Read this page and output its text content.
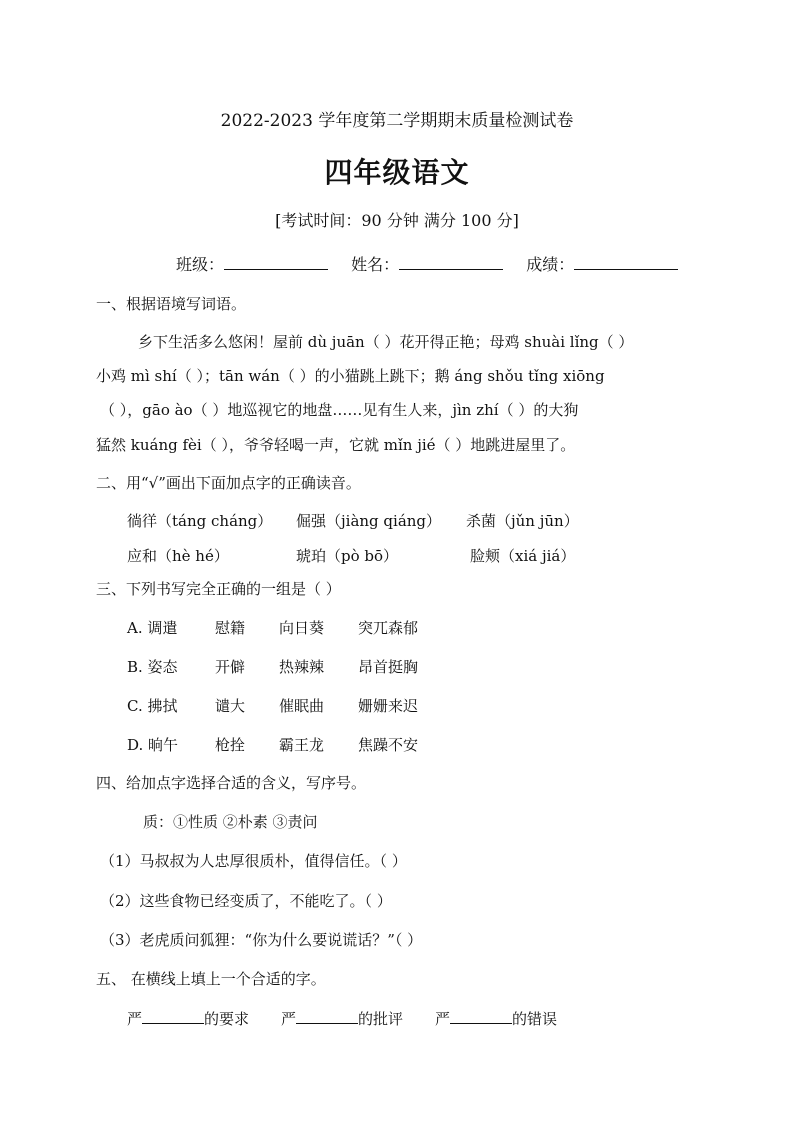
2022-2023 学年度第二学期期末质量检测试卷
四年级语文
[考试时间：90 分钟 满分 100 分]
班级：	姓名：	成绩：
一、根据语境写词语。
乡下生活多么悠闲！屋前 dù juān（ ）花开得正艳；母鸡 shuài lǐng（ ）
小鸡 mì shí（ ）；tān wán（ ）的小猫跳上跳下；鹅 áng shǒu tǐng xiōng
（ ），gāo ào（ ）地巡视它的地盘……见有生人来，jìn zhí（ ）的大狗
猛然 kuáng fèi（ ），爷爷轻喝一声，它就 mǐn jié（ ）地跳进屋里了。
二、用“√”画出下面加点字的正确读音。
徜徉（táng cháng） 倔强（jiàng qiáng） 杀菌（jǔn jūn）
应和（hè hé）	琥珀（pò bō）	脸颊（xiá jiá）
三、下列书写完全正确的一组是（ ）
A. 调遣	慰籍 向日葵 突兀森郁
B. 姿态 开僻 热辣辣 昂首挺胸
C. 拂拭	谴大 催眠曲 姗姗来迟
D. 晌午 枪拴 霸王龙 焦躁不安
四、给加点字选择合适的含义，写序号。
质：①性质 ②朴素 ③责问
（1）马叔叔为人忠厚很质朴，值得信任。（ ）
（2）这些食物已经变质了，不能吃了。（ ）
（3）老虎质问狐狸：“你为什么要说谎话？”（ ）
五、 在横线上填上一个合适的字。
严	的要求 严	的批评 严	的错误
